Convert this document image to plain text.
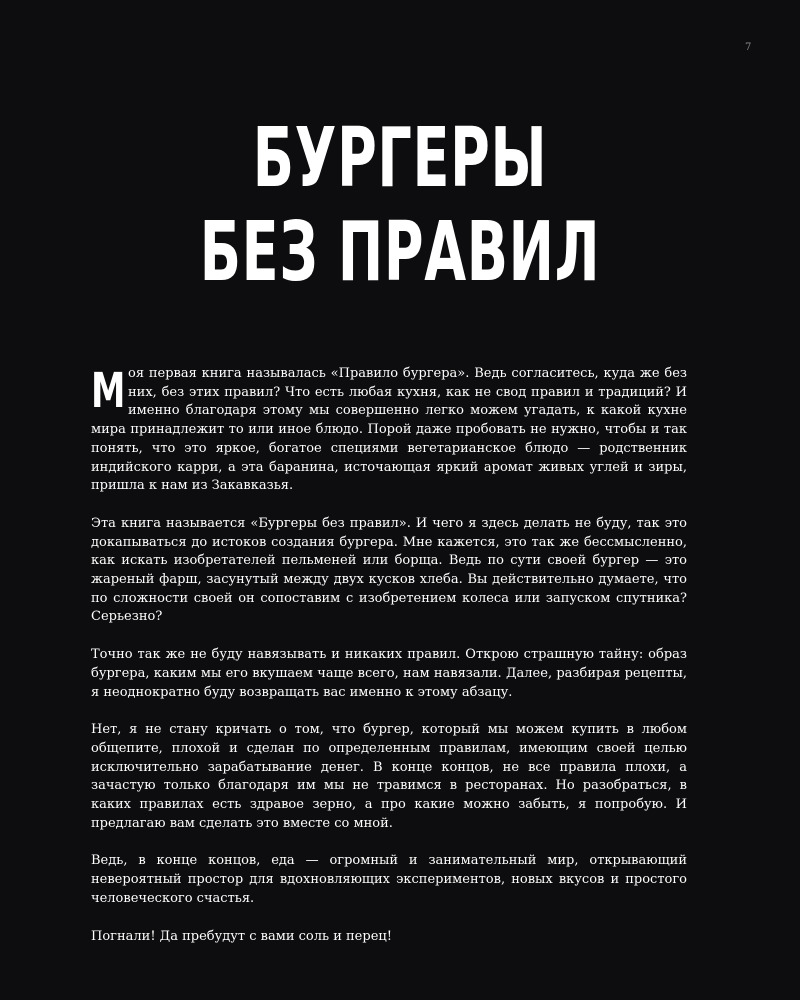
7
БУРГЕРЫ
БЕЗ ПРАВИЛ

Моя первая книга называлась «Правило бургера». Ведь согласитесь, куда же без них, без этих правил? Что есть любая кухня, как не свод правил и традиций? И именно благодаря этому мы совершенно легко можем угадать, к какой кухне мира принадлежит то или иное блюдо. Порой даже пробовать не нужно, чтобы и так понять, что это яркое, богатое специями вегетарианское блюдо — родственник индийского карри, а эта баранина, источающая яркий аромат живых углей и зиры, пришла к нам из Закавказья.

Эта книга называется «Бургеры без правил». И чего я здесь делать не буду, так это докапываться до истоков создания бургера. Мне кажется, это так же бессмысленно, как искать изобретателей пельменей или борща. Ведь по сути своей бургер — это жареный фарш, засунутый между двух кусков хлеба. Вы действительно думаете, что по сложности своей он сопоставим с изобретением колеса или запуском спутника? Серьезно?

Точно так же не буду навязывать и никаких правил. Открою страшную тайну: образ бургера, каким мы его вкушаем чаще всего, нам навязали. Далее, разбирая рецепты, я неоднократно буду возвращать вас именно к этому абзацу.

Нет, я не стану кричать о том, что бургер, который мы можем купить в любом общепите, плохой и сделан по определенным правилам, имеющим своей целью исключительно зарабатывание денег. В конце концов, не все правила плохи, а зачастую только благодаря им мы не травимся в ресторанах. Но разобраться, в каких правилах есть здравое зерно, а про какие можно забыть, я попробую. И предлагаю вам сделать это вместе со мной.

Ведь, в конце концов, еда — огромный и занимательный мир, открывающий невероятный простор для вдохновляющих экспериментов, новых вкусов и простого человеческого счастья.

Погнали! Да пребудут с вами соль и перец!
